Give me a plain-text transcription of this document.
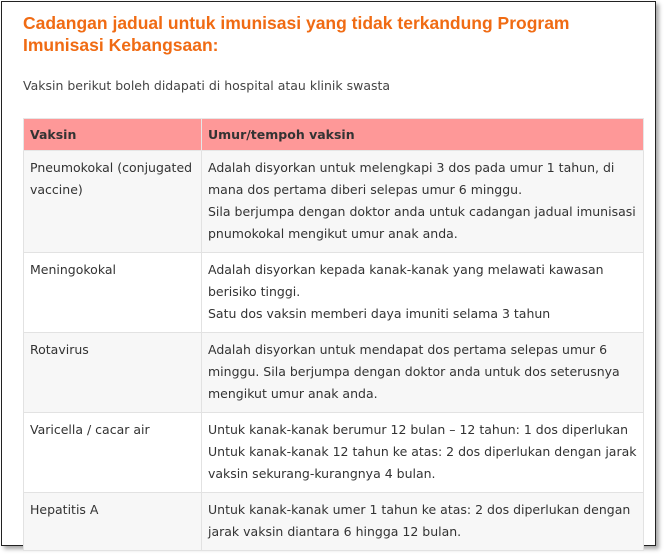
Cadangan jadual untuk imunisasi yang tidak terkandung Program Imunisasi Kebangsaan:

Vaksin berikut boleh didapati di hospital atau klinik swasta

Vaksin	Umur/tempoh vaksin
Pneumokokal (conjugated vaccine)	Adalah disyorkan untuk melengkapi 3 dos pada umur 1 tahun, di mana dos pertama diberi selepas umur 6 minggu.
Sila berjumpa dengan doktor anda untuk cadangan jadual imunisasi pnumokokal mengikut umur anak anda.

Meningokokal	Adalah disyorkan kepada kanak-kanak yang melawati kawasan berisiko tinggi.
Satu dos vaksin memberi daya imuniti selama 3 tahun

Rotavirus	Adalah disyorkan untuk mendapat dos pertama selepas umur 6 minggu. Sila berjumpa dengan doktor anda untuk dos seterusnya mengikut umur anak anda.

Varicella / cacar air	Untuk kanak-kanak berumur 12 bulan – 12 tahun: 1 dos diperlukan
Untuk kanak-kanak 12 tahun ke atas: 2 dos diperlukan dengan jarak vaksin sekurang-kurangnya 4 bulan.

Hepatitis A	Untuk kanak-kanak umer 1 tahun ke atas: 2 dos diperlukan dengan jarak vaksin diantara 6 hingga 12 bulan.
